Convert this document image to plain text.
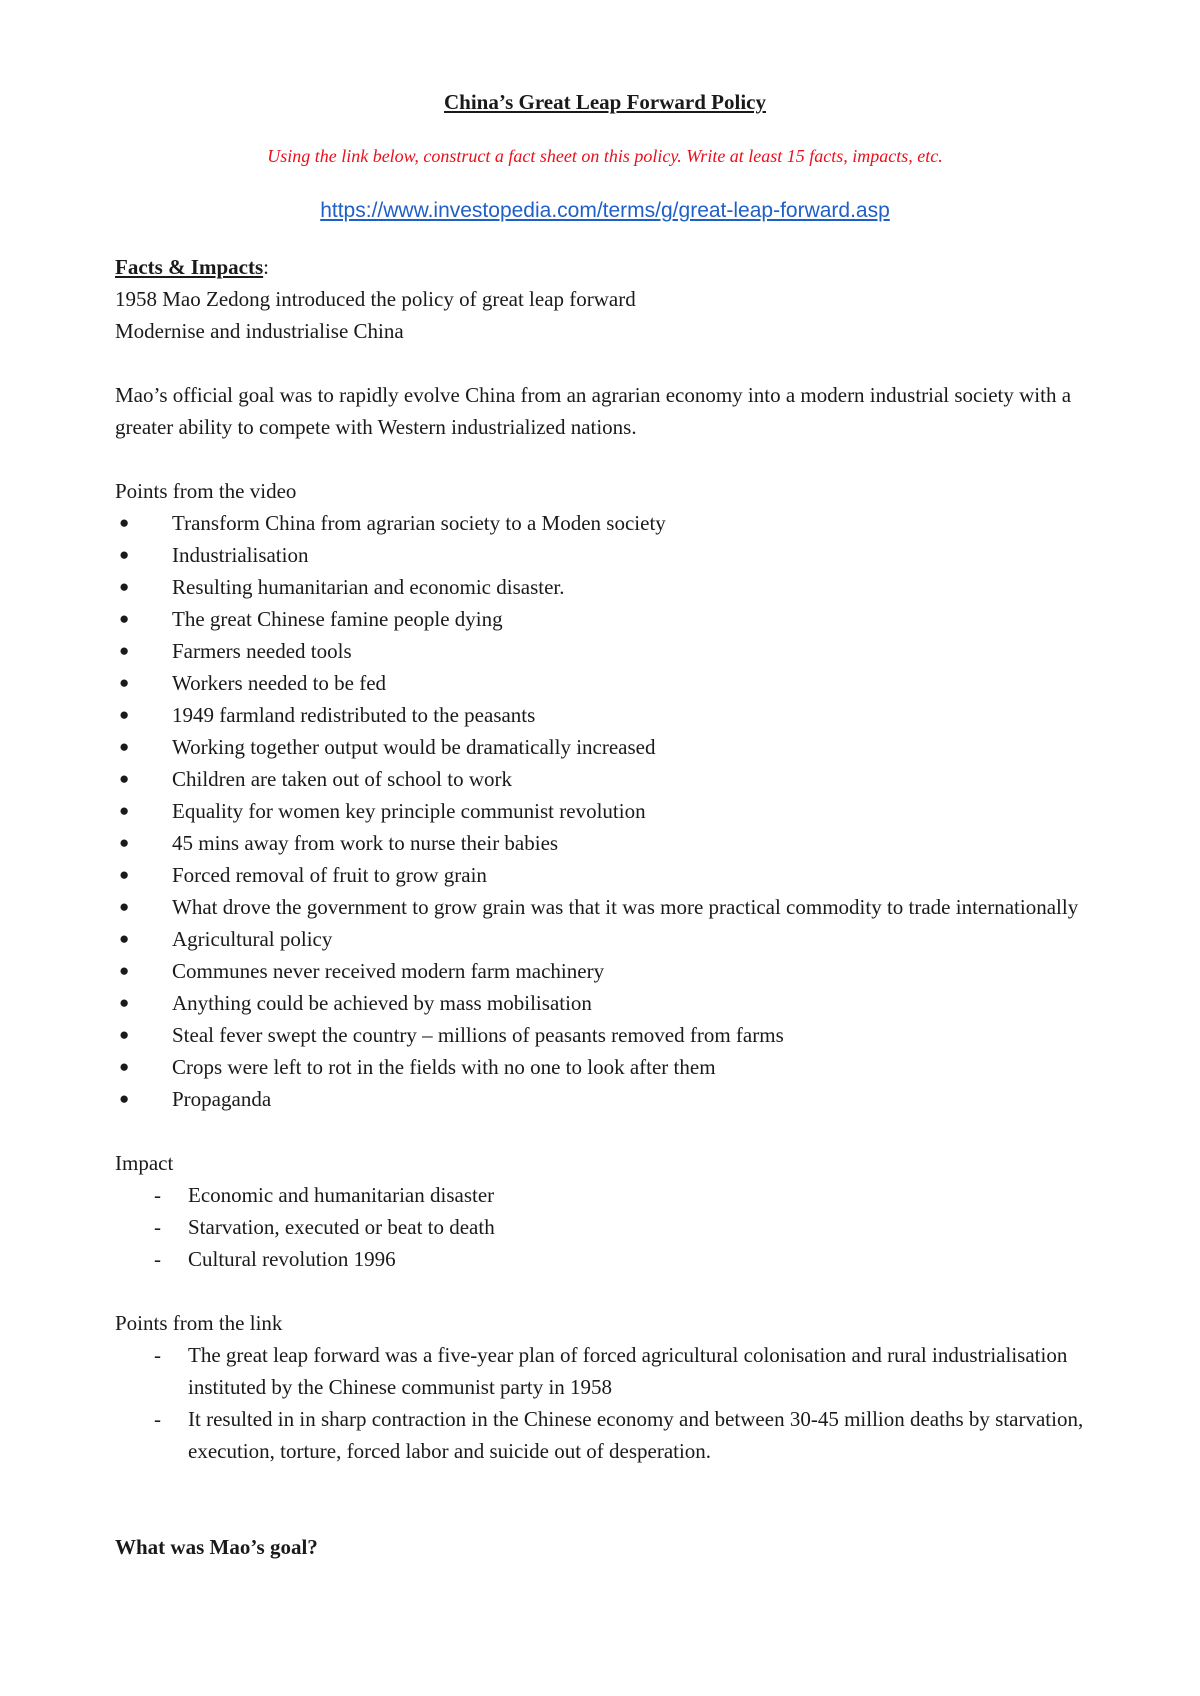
China’s Great Leap Forward Policy

Using the link below, construct a fact sheet on this policy. Write at least 15 facts, impacts, etc.
https://www.investopedia.com/terms/g/great-leap-forward.asp
Facts & Impacts:

1958 Mao Zedong introduced the policy of great leap forward

Modernise and industrialise China

Mao’s official goal was to rapidly evolve China from an agrarian economy into a modern industrial society with a greater ability to compete with Western industrialized nations.

Points from the video

● Transform China from agrarian society to a Moden society
● Industrialisation
● Resulting humanitarian and economic disaster.
● The great Chinese famine people dying
● Farmers needed tools
● Workers needed to be fed
● 1949 farmland redistributed to the peasants
● Working together output would be dramatically increased
● Children are taken out of school to work
● Equality for women key principle communist revolution
● 45 mins away from work to nurse their babies
● Forced removal of fruit to grow grain
● What drove the government to grow grain was that it was more practical commodity to trade internationally
● Agricultural policy
● Communes never received modern farm machinery
● Anything could be achieved by mass mobilisation
● Steal fever swept the country – millions of peasants removed from farms
● Crops were left to rot in the fields with no one to look after them
● Propaganda

Impact

- Economic and humanitarian disaster
- Starvation, executed or beat to death
- Cultural revolution 1996

Points from the link

- The great leap forward was a five-year plan of forced agricultural colonisation and rural industrialisation instituted by the Chinese communist party in 1958
- It resulted in in sharp contraction in the Chinese economy and between 30-45 million deaths by starvation, execution, torture, forced labor and suicide out of desperation.

What was Mao’s goal?
